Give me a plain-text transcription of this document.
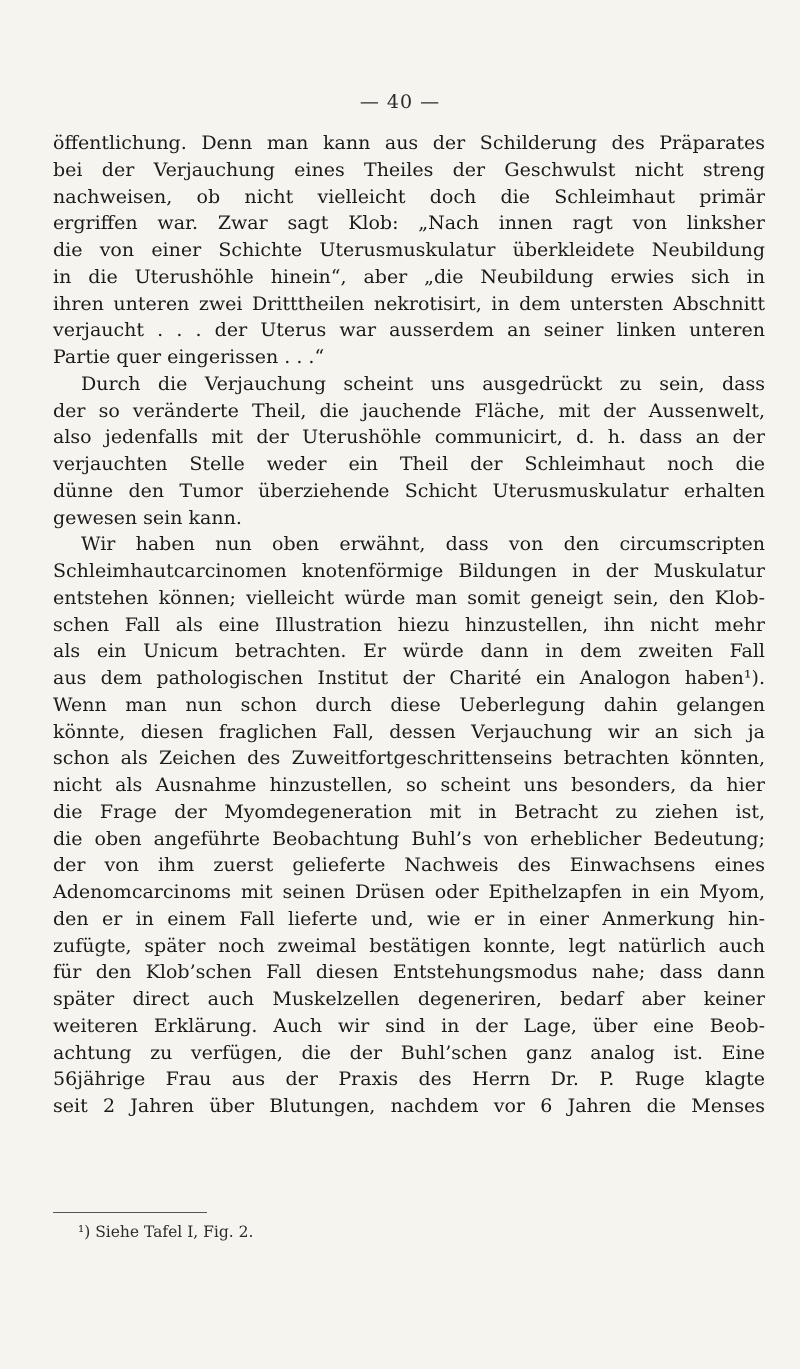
— 40 —
öffentlichung. Denn man kann aus der Schilderung des Präparates
bei der Verjauchung eines Theiles der Geschwulst nicht streng
nachweisen, ob nicht vielleicht doch die Schleimhaut primär
ergriffen war. Zwar sagt Klob: „Nach innen ragt von linksher
die von einer Schichte Uterusmuskulatur überkleidete Neubildung
in die Uterushöhle hinein“, aber „die Neubildung erwies sich in
ihren unteren zwei Dritttheilen nekrotisirt, in dem untersten Abschnitt
verjaucht . . . der Uterus war ausserdem an seiner linken unteren
Partie quer eingerissen . . .“
Durch die Verjauchung scheint uns ausgedrückt zu sein, dass
der so veränderte Theil, die jauchende Fläche, mit der Aussenwelt,
also jedenfalls mit der Uterushöhle communicirt, d. h. dass an der
verjauchten Stelle weder ein Theil der Schleimhaut noch die
dünne den Tumor überziehende Schicht Uterusmuskulatur erhalten
gewesen sein kann.
Wir haben nun oben erwähnt, dass von den circumscripten
Schleimhautcarcinomen knotenförmige Bildungen in der Muskulatur
entstehen können; vielleicht würde man somit geneigt sein, den Klob-
schen Fall als eine Illustration hiezu hinzustellen, ihn nicht mehr
als ein Unicum betrachten. Er würde dann in dem zweiten Fall
aus dem pathologischen Institut der Charité ein Analogon haben¹).
Wenn man nun schon durch diese Ueberlegung dahin gelangen
könnte, diesen fraglichen Fall, dessen Verjauchung wir an sich ja
schon als Zeichen des Zuweitfortgeschrittenseins betrachten könnten,
nicht als Ausnahme hinzustellen, so scheint uns besonders, da hier
die Frage der Myomdegeneration mit in Betracht zu ziehen ist,
die oben angeführte Beobachtung Buhl’s von erheblicher Bedeutung;
der von ihm zuerst gelieferte Nachweis des Einwachsens eines
Adenomcarcinoms mit seinen Drüsen oder Epithelzapfen in ein Myom,
den er in einem Fall lieferte und, wie er in einer Anmerkung hin-
zufügte, später noch zweimal bestätigen konnte, legt natürlich auch
für den Klob’schen Fall diesen Entstehungsmodus nahe; dass dann
später direct auch Muskelzellen degeneriren, bedarf aber keiner
weiteren Erklärung. Auch wir sind in der Lage, über eine Beob-
achtung zu verfügen, die der Buhl’schen ganz analog ist. Eine
56jährige Frau aus der Praxis des Herrn Dr. P. Ruge klagte
seit 2 Jahren über Blutungen, nachdem vor 6 Jahren die Menses
¹) Siehe Tafel I, Fig. 2.
